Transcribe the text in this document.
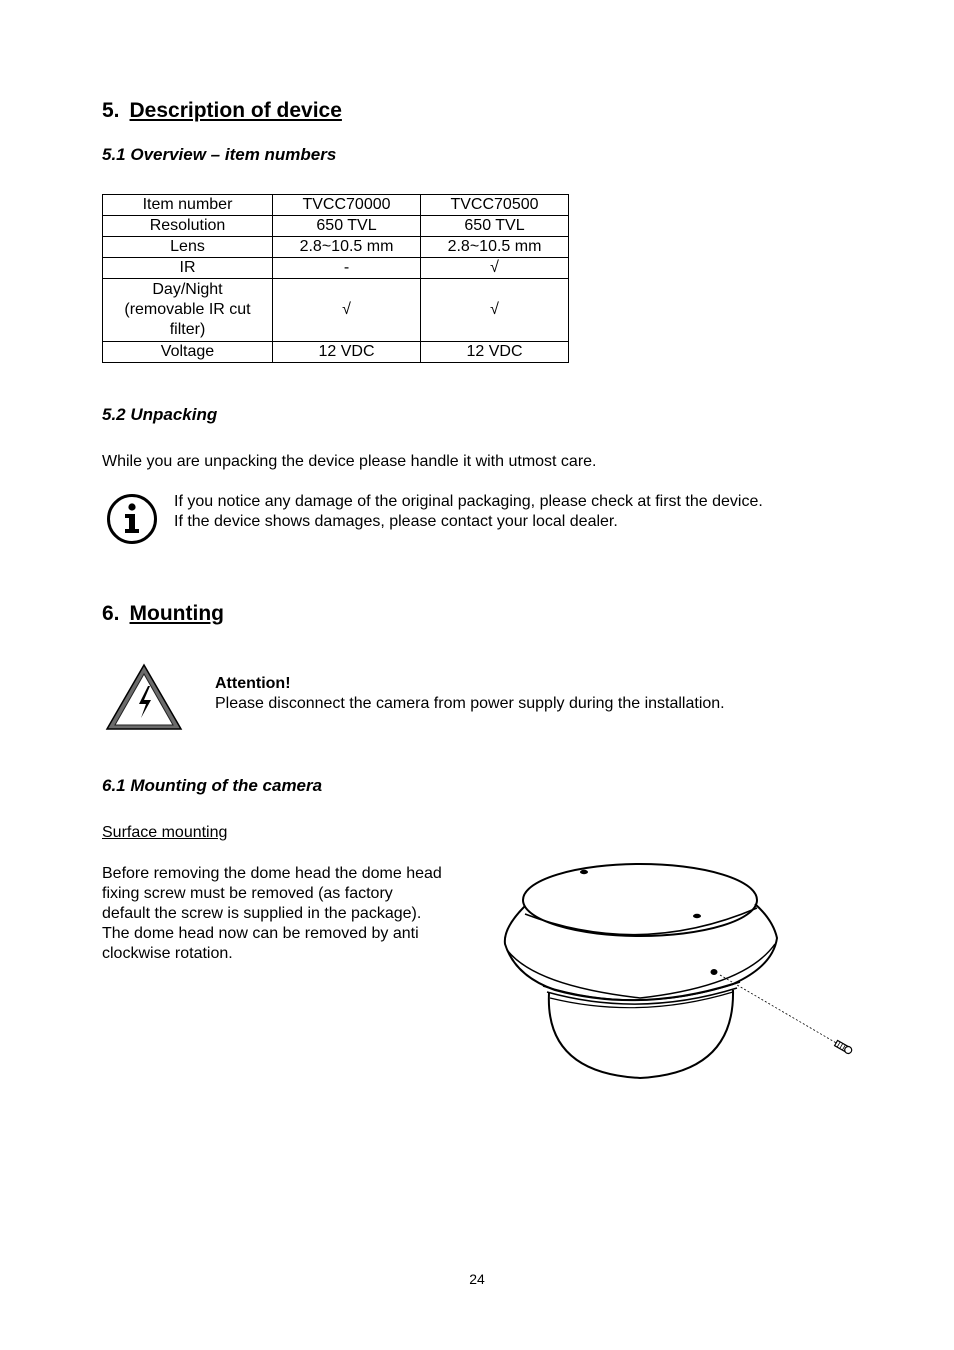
5. Description of device
5.1 Overview – item numbers
Item number	TVCC70000	TVCC70500
Resolution	650 TVL	650 TVL
Lens	2.8~10.5 mm	2.8~10.5 mm
IR	-	√
Day/Night (removable IR cut filter)	√	√
Voltage	12 VDC	12 VDC
5.2 Unpacking
While you are unpacking the device please handle it with utmost care.
If you notice any damage of the original packaging, please check at first the device.
If the device shows damages, please contact your local dealer.
6. Mounting
Attention!
Please disconnect the camera from power supply during the installation.
6.1 Mounting of the camera
Surface mounting
Before removing the dome head the dome head fixing screw must be removed (as factory default the screw is supplied in the package). The dome head now can be removed by anti clockwise rotation.
24
